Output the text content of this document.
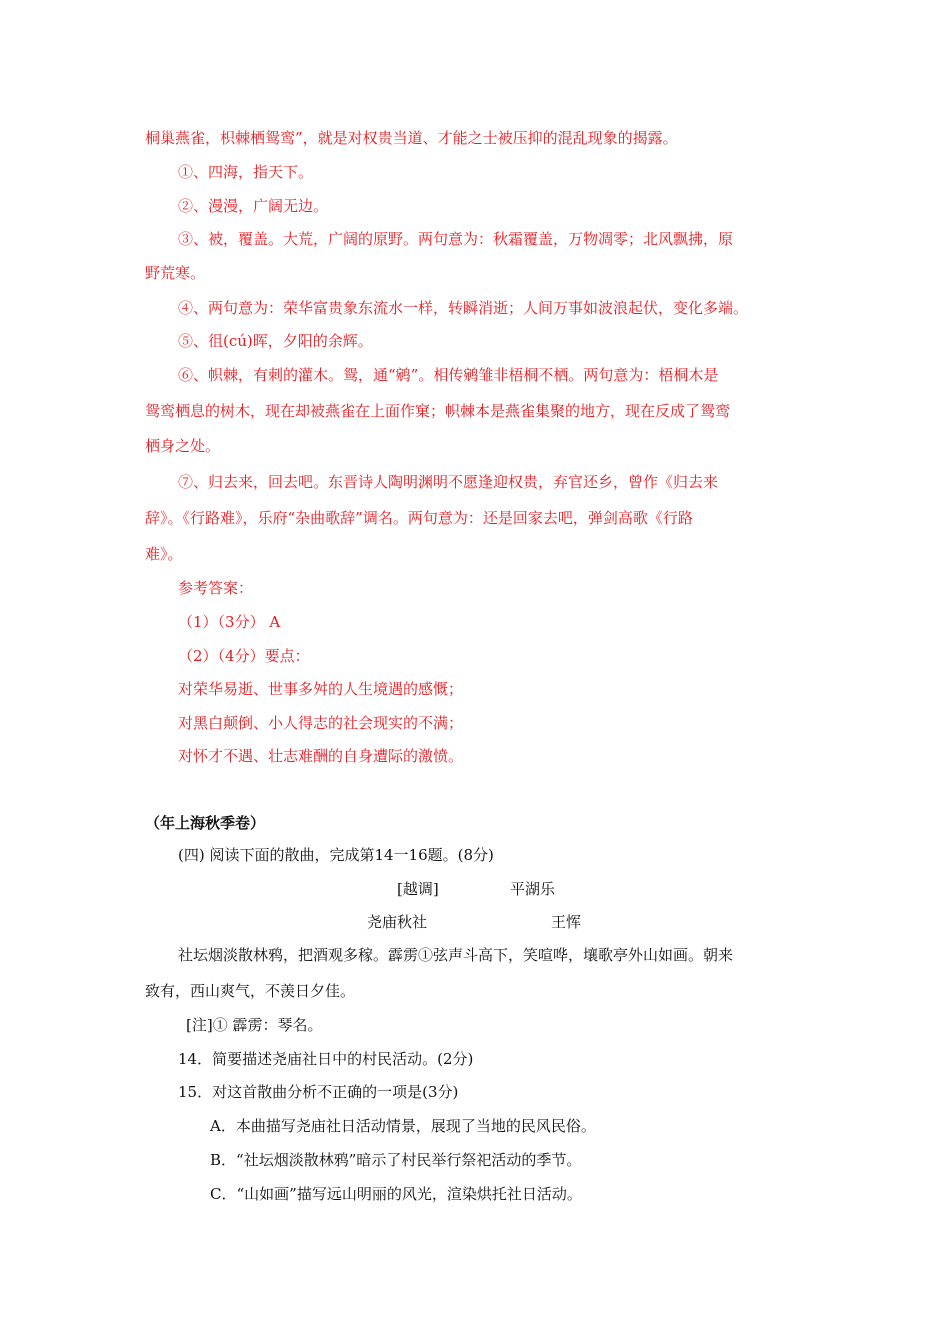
桐巢燕雀，枳棘栖鸳鸾”，就是对权贵当道、才能之士被压抑的混乱现象的揭露。
①、四海，指天下。
②、漫漫，广阔无边。
③、被，覆盖。大荒，广阔的原野。两句意为：秋霜覆盖，万物凋零；北风飘拂，原
野荒寒。
④、两句意为：荣华富贵象东流水一样，转瞬消逝；人间万事如波浪起伏，变化多端。
⑤、徂(cú)晖，夕阳的余辉。
⑥、帜棘，有刺的灌木。鸳，通“鹓”。相传鹓雏非梧桐不栖。两句意为：梧桐木是
鸳鸾栖息的树木，现在却被燕雀在上面作窠；帜棘本是燕雀集聚的地方，现在反成了鸳鸾
栖身之处。
⑦、归去来，回去吧。东晋诗人陶明渊明不愿逢迎权贵，弃官还乡，曾作《归去来
辞》。《行路难》，乐府“杂曲歌辞”调名。两句意为：还是回家去吧，弹剑高歌《行路
难》。
参考答案：
（1）（3分） A
（2）（4分）要点：
对荣华易逝、世事多舛的人生境遇的感慨；
对黑白颠倒、小人得志的社会现实的不满；
对怀才不遇、壮志难酬的自身遭际的激愤。
（年上海秋季卷）
(四) 阅读下面的散曲，完成第14一16题。(8分)
[越调]	平湖乐
尧庙秋社	王恽
社坛烟淡散林鸦，把酒观多稼。霹雳①弦声斗高下，笑喧哗，壤歌亭外山如画。朝来
致有，西山爽气，不羡日夕佳。
[注]① 霹雳：琴名。
14．简要描述尧庙社日中的村民活动。(2分)
15．对这首散曲分析不正确的一项是(3分)
A．本曲描写尧庙社日活动情景，展现了当地的民风民俗。
B．“社坛烟淡散林鸦”暗示了村民举行祭祀活动的季节。
C．“山如画”描写远山明丽的风光，渲染烘托社日活动。
